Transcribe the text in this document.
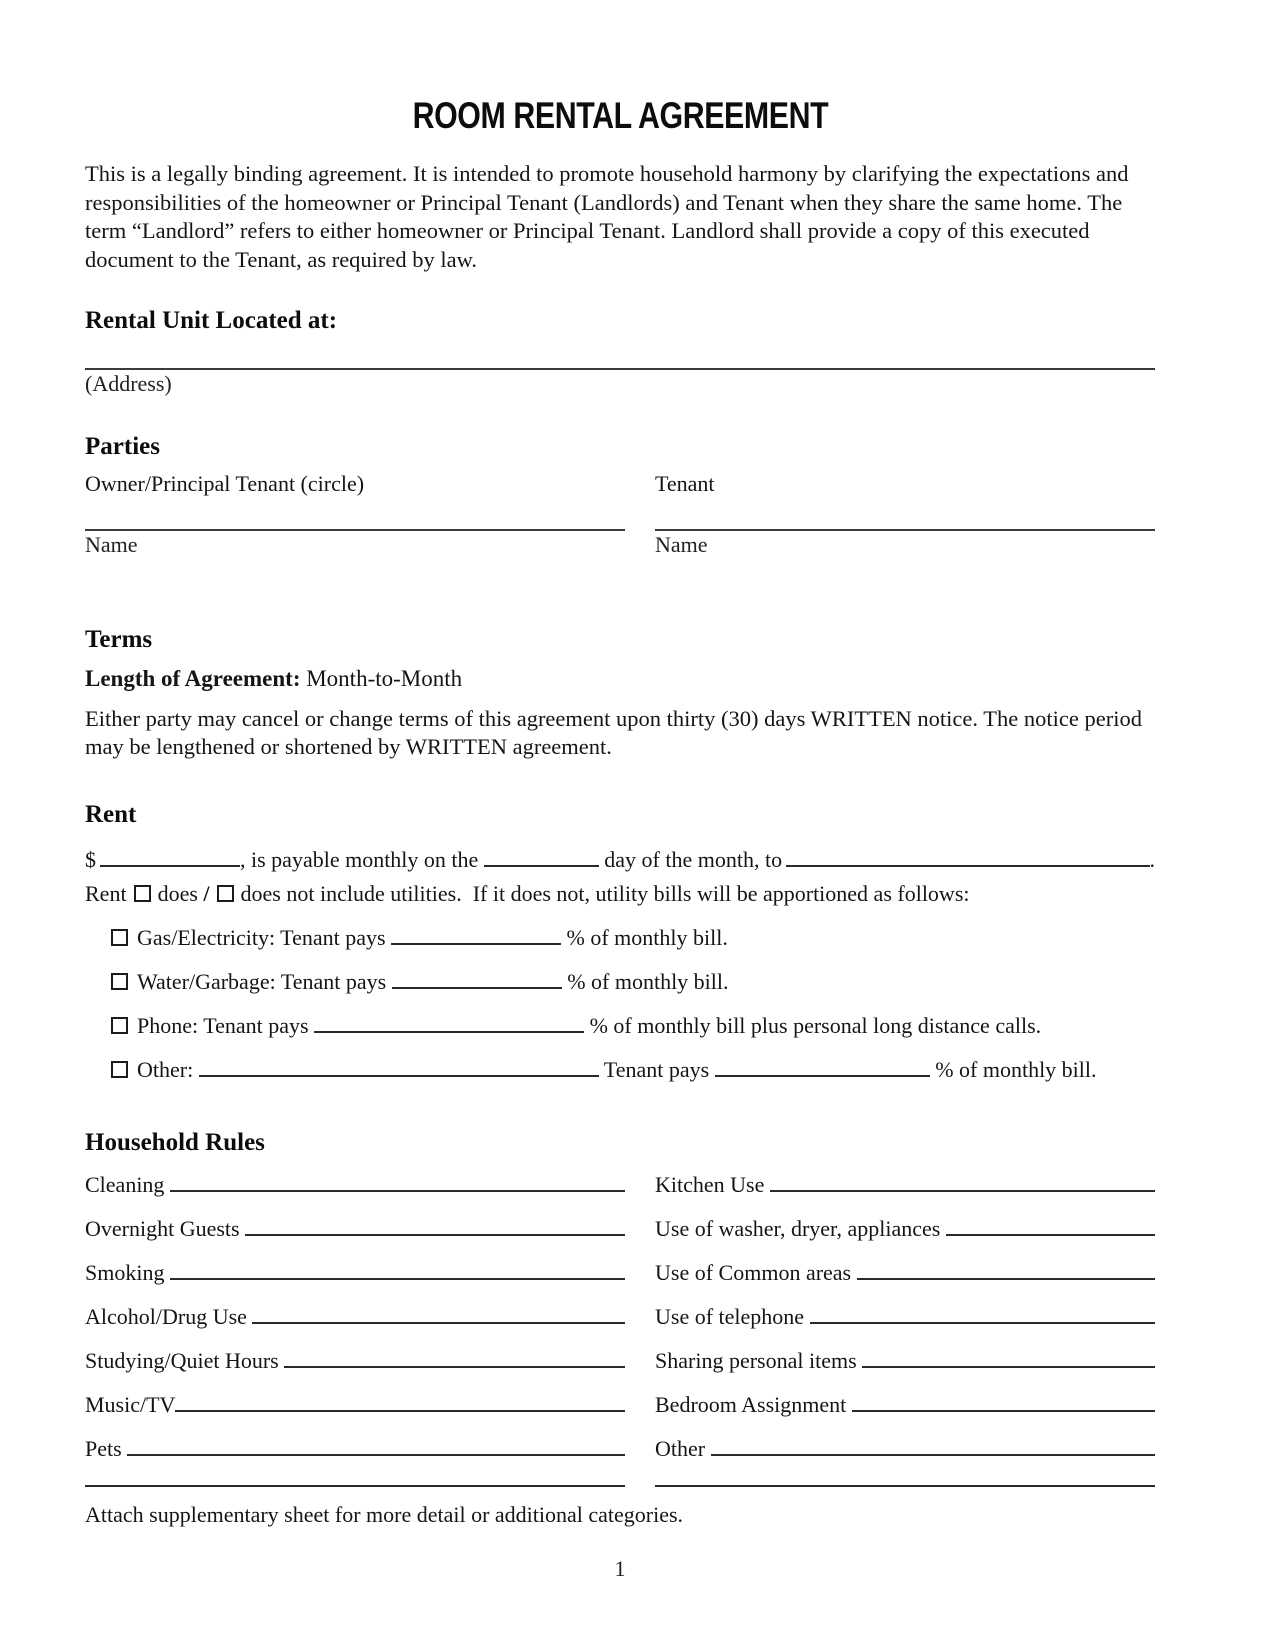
ROOM RENTAL AGREEMENT

This is a legally binding agreement. It is intended to promote household harmony by clarifying the expectations and responsibilities of the homeowner or Principal Tenant (Landlords) and Tenant when they share the same home. The term “Landlord” refers to either homeowner or Principal Tenant. Landlord shall provide a copy of this executed document to the Tenant, as required by law.

Rental Unit Located at:
(Address)
Parties
Owner/Principal Tenant (circle)	Tenant
Name	Name
Terms
Length of Agreement: Month-to-Month

Either party may cancel or change terms of this agreement upon thirty (30) days WRITTEN notice. The notice period may be lengthened or shortened by WRITTEN agreement.

Rent
$	, is payable monthly on the	day of the month, to	.
Rent does / does not include utilities.  If it does not, utility bills will be apportioned as follows:
Gas/Electricity: Tenant pays	% of monthly bill.
Water/Garbage: Tenant pays	% of monthly bill.
Phone: Tenant pays	% of monthly bill plus personal long distance calls.
Other:	Tenant pays	% of monthly bill.
Household Rules
Cleaning	Kitchen Use
Overnight Guests	Use of washer, dryer, appliances
Smoking	Use of Common areas
Alcohol/Drug Use	Use of telephone
Studying/Quiet Hours	Sharing personal items
Music/TV	Bedroom Assignment
Pets	Other
Attach supplementary sheet for more detail or additional categories.
1
